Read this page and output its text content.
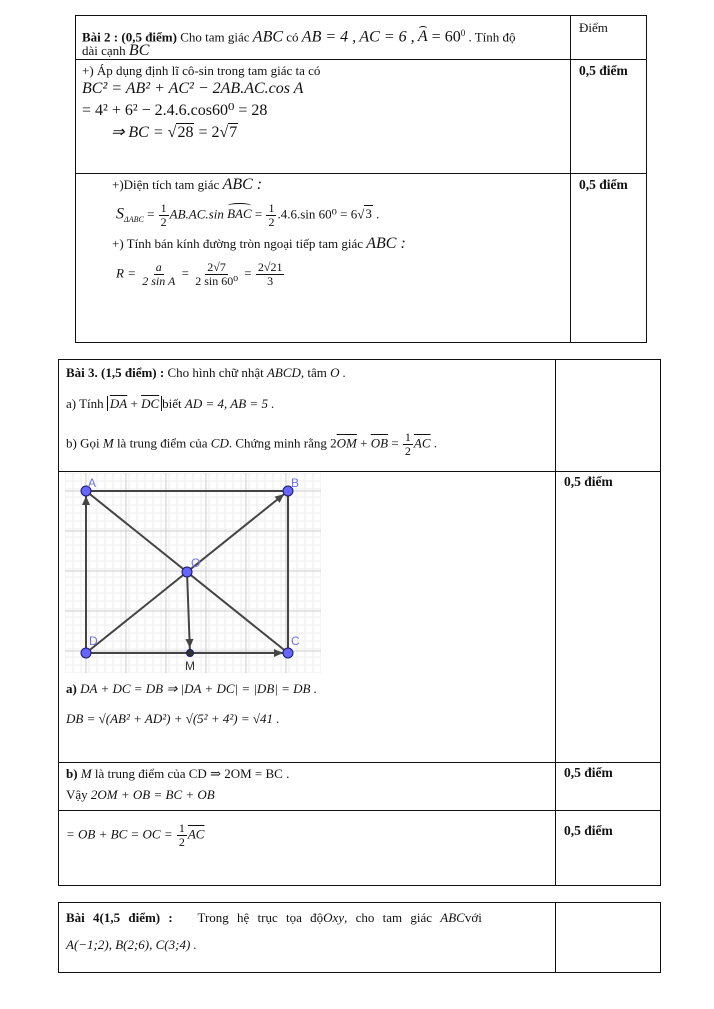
Bài 2 : (0,5 điểm) Cho tam giác ABC có AB = 4 , AC = 6 , $A = 60^0$ . Tính độ
dài cạnh BC
Điểm
+) Áp dụng định lĩ cô-sin trong tam giác ta có
BC² = AB² + AC² − 2AB.AC.cos A
= 4² + 6² − 2.4.6.cos60⁰ = 28
⇒ BC = √28 = 2√7
0,5 điểm
+)Diện tích tam giác ABC :
$S_{\Delta ABC} = \frac{1}{2} AB.AC.\sin$ BAC = $\frac{1}{2} .4.6.\sin$ 60⁰ = 6√3 .
+) Tính bán kính đường tròn ngoại tiếp tam giác ABC :
$R = \frac{a}{\text{2 sin A}} = \frac{2√7}{\text{2 sin 60⁰}} = \frac{2√21}{3}$
0,5 điểm
Bài 3. (1,5 điểm) : Cho hình chữ nhật ABCD, tâm O .
a) Tính $\overline{DA} + \overline{DC}$ biết AD = 4, AB = 5 .
b) Gọi M là trung điểm của CD. Chứng minh rằng $2\overline{OM} + \overline{OB} = \frac{1}{2} \overline{AC}$ .
A	B
C
D
O
M
a) DA + DC = DB ⇒ |DA + DC| = |DB| = DB .
DB = √(AB² + AD²) + √(5² + 4²) = √41 .
0,5 điểm
b) M là trung điểm của CD ⇒ 2OM = BC .
Vậy 2OM + OB = BC + OB
0,5 điểm
= OB + BC = OC = $\frac{1}{2} \overline{AC}$	0,5 điểm
Bài 4(1,5 điểm) : Trong hệ trục tọa độOxy, cho tam giác ABCvới
A(−1;2), B(2;6), C(3;4) .
